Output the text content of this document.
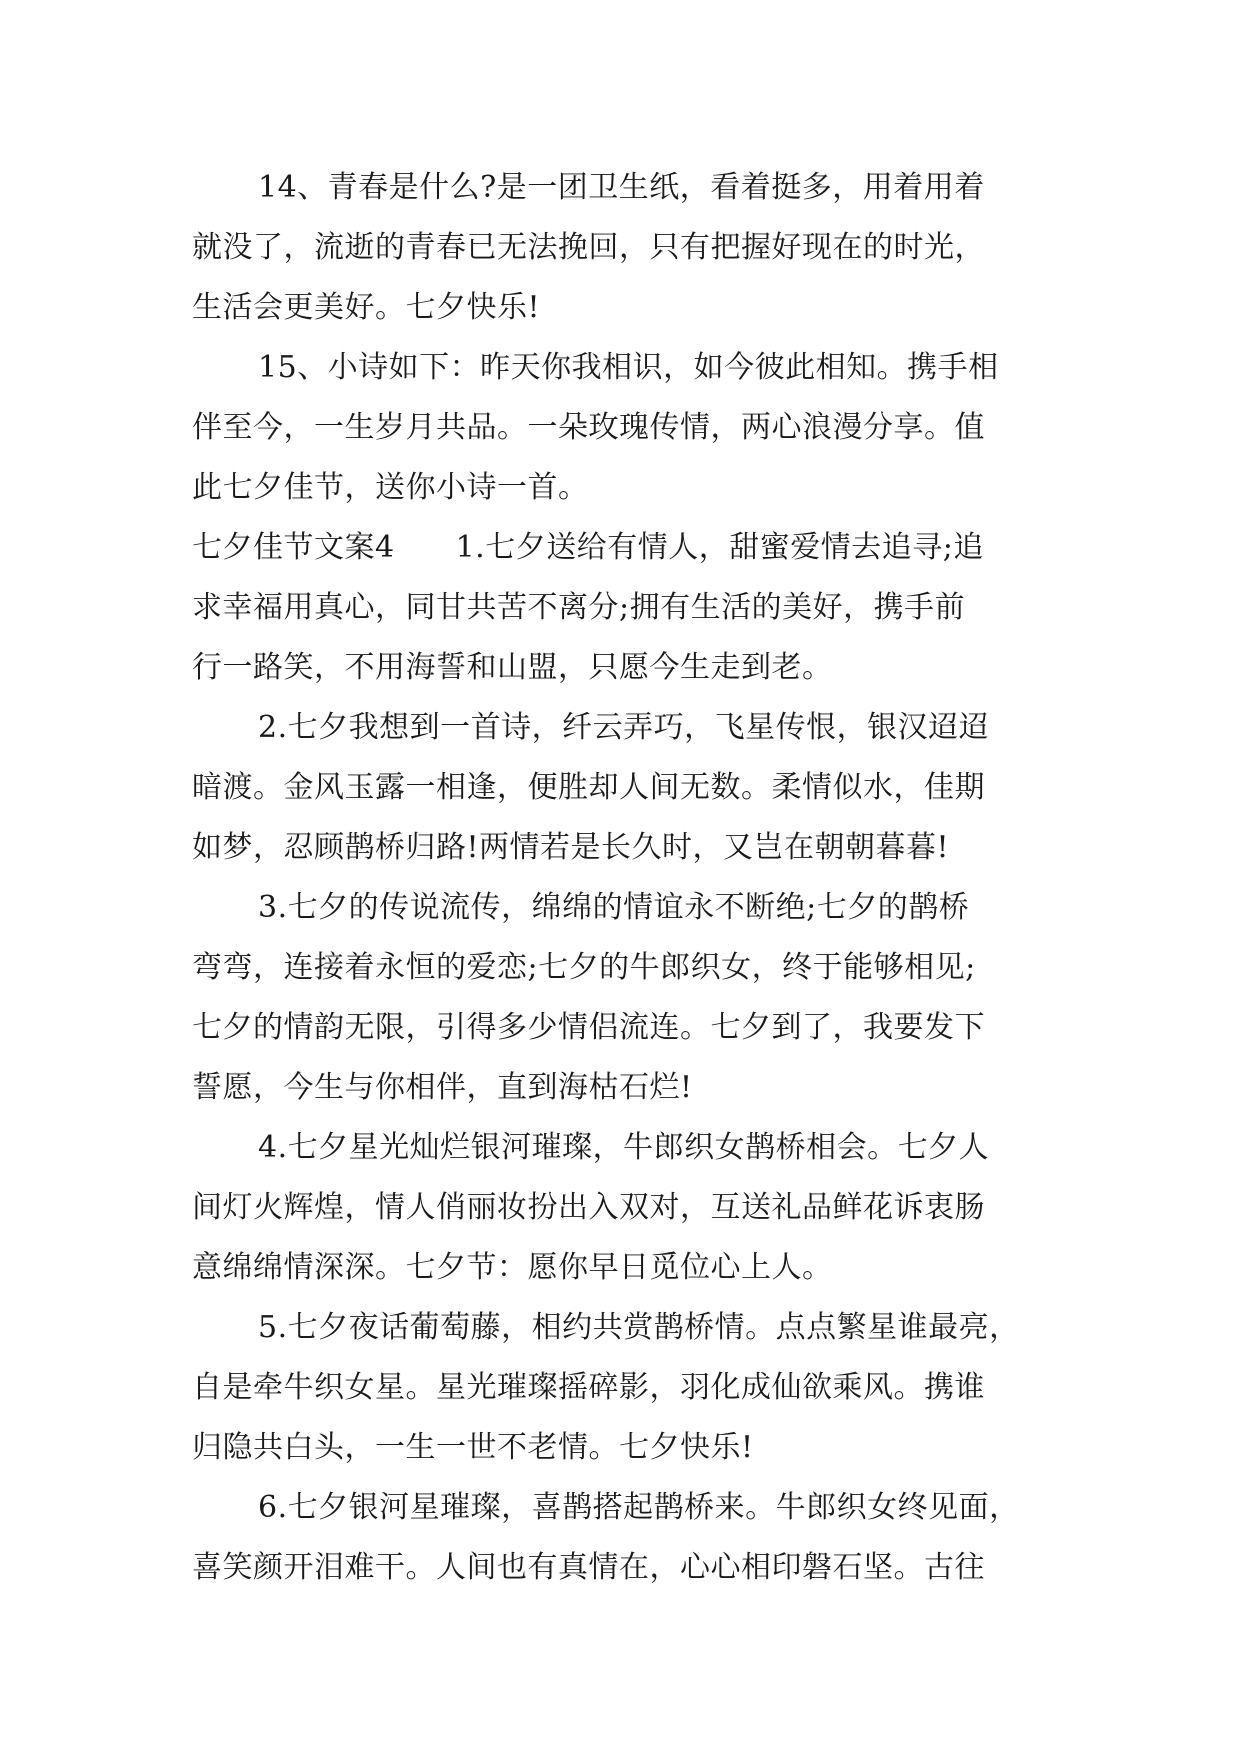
14、青春是什么?是一团卫生纸，看着挺多，用着用着
就没了，流逝的青春已无法挽回，只有把握好现在的时光，
生活会更美好。七夕快乐!
15、小诗如下：昨天你我相识，如今彼此相知。携手相
伴至今，一生岁月共品。一朵玫瑰传情，两心浪漫分享。值
此七夕佳节，送你小诗一首。
七夕佳节文案4　　1.七夕送给有情人，甜蜜爱情去追寻;追
求幸福用真心，同甘共苦不离分;拥有生活的美好，携手前
行一路笑，不用海誓和山盟，只愿今生走到老。
2.七夕我想到一首诗，纤云弄巧，飞星传恨，银汉迢迢
暗渡。金风玉露一相逢，便胜却人间无数。柔情似水，佳期
如梦，忍顾鹊桥归路!两情若是长久时，又岂在朝朝暮暮!
3.七夕的传说流传，绵绵的情谊永不断绝;七夕的鹊桥
弯弯，连接着永恒的爱恋;七夕的牛郎织女，终于能够相见;
七夕的情韵无限，引得多少情侣流连。七夕到了，我要发下
誓愿，今生与你相伴，直到海枯石烂!
4.七夕星光灿烂银河璀璨，牛郎织女鹊桥相会。七夕人
间灯火辉煌，情人俏丽妆扮出入双对，互送礼品鲜花诉衷肠
意绵绵情深深。七夕节：愿你早日觅位心上人。
5.七夕夜话葡萄藤，相约共赏鹊桥情。点点繁星谁最亮，
自是牵牛织女星。星光璀璨摇碎影，羽化成仙欲乘风。携谁
归隐共白头，一生一世不老情。七夕快乐!
6.七夕银河星璀璨，喜鹊搭起鹊桥来。牛郎织女终见面，
喜笑颜开泪难干。人间也有真情在，心心相印磐石坚。古往
